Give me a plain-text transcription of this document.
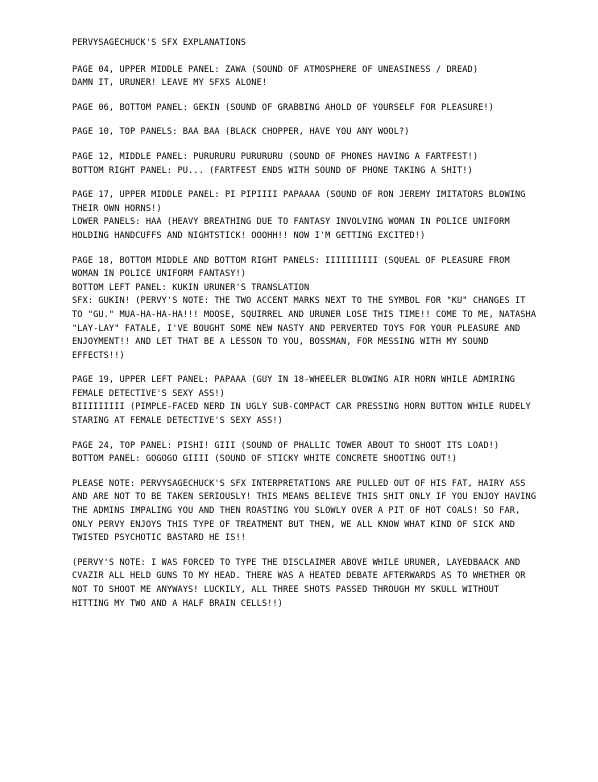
PERVYSAGECHUCK'S SFX EXPLANATIONS
PAGE 04, UPPER MIDDLE PANEL: ZAWA (SOUND OF ATMOSPHERE OF UNEASINESS / DREAD)
DAMN IT, URUNER! LEAVE MY SFXS ALONE!
PAGE 06, BOTTOM PANEL: GEKIN (SOUND OF GRABBING AHOLD OF YOURSELF FOR PLEASURE!)
PAGE 10, TOP PANELS: BAA BAA (BLACK CHOPPER, HAVE YOU ANY WOOL?)
PAGE 12, MIDDLE PANEL: PURURURU PURURURU (SOUND OF PHONES HAVING A FARTFEST!)
BOTTOM RIGHT PANEL: PU... (FARTFEST ENDS WITH SOUND OF PHONE TAKING A SHIT!)
PAGE 17, UPPER MIDDLE PANEL: PI PIPIIII PAPAAAA (SOUND OF RON JEREMY IMITATORS BLOWING THEIR OWN HORNS!)
LOWER PANELS: HAA (HEAVY BREATHING DUE TO FANTASY INVOLVING WOMAN IN POLICE UNIFORM HOLDING HANDCUFFS AND NIGHTSTICK! OOOHH!! NOW I'M GETTING EXCITED!)
PAGE 18, BOTTOM MIDDLE AND BOTTOM RIGHT PANELS: IIIIIIIIII (SQUEAL OF PLEASURE FROM WOMAN IN POLICE UNIFORM FANTASY!)
BOTTOM LEFT PANEL: KUKIN URUNER'S TRANSLATION
SFX: GUKIN! (PERVY'S NOTE: THE TWO ACCENT MARKS NEXT TO THE SYMBOL FOR "KU" CHANGES IT TO "GU." MUA-HA-HA-HA!!! MOOSE, SQUIRREL AND URUNER LOSE THIS TIME!! COME TO ME, NATASHA "LAY-LAY" FATALE, I'VE BOUGHT SOME NEW NASTY AND PERVERTED TOYS FOR YOUR PLEASURE AND ENJOYMENT!! AND LET THAT BE A LESSON TO YOU, BOSSMAN, FOR MESSING WITH MY SOUND EFFECTS!!)
PAGE 19, UPPER LEFT PANEL: PAPAAA (GUY IN 18-WHEELER BLOWING AIR HORN WHILE ADMIRING FEMALE DETECTIVE'S SEXY ASS!)
BIIIIIIIII (PIMPLE-FACED NERD IN UGLY SUB-COMPACT CAR PRESSING HORN BUTTON WHILE RUDELY STARING AT FEMALE DETECTIVE'S SEXY ASS!)
PAGE 24, TOP PANEL: PISHI! GIII (SOUND OF PHALLIC TOWER ABOUT TO SHOOT ITS LOAD!)
BOTTOM PANEL: GOGOGO GIIII (SOUND OF STICKY WHITE CONCRETE SHOOTING OUT!)
PLEASE NOTE: PERVYSAGECHUCK'S SFX INTERPRETATIONS ARE PULLED OUT OF HIS FAT, HAIRY ASS AND ARE NOT TO BE TAKEN SERIOUSLY! THIS MEANS BELIEVE THIS SHIT ONLY IF YOU ENJOY HAVING THE ADMINS IMPALING YOU AND THEN ROASTING YOU SLOWLY OVER A PIT OF HOT COALS! SO FAR, ONLY PERVY ENJOYS THIS TYPE OF TREATMENT BUT THEN, WE ALL KNOW WHAT KIND OF SICK AND TWISTED PSYCHOTIC BASTARD HE IS!!
(PERVY'S NOTE: I WAS FORCED TO TYPE THE DISCLAIMER ABOVE WHILE URUNER, LAYEDBAACK AND CVAZIR ALL HELD GUNS TO MY HEAD. THERE WAS A HEATED DEBATE AFTERWARDS AS TO WHETHER OR NOT TO SHOOT ME ANYWAYS! LUCKILY, ALL THREE SHOTS PASSED THROUGH MY SKULL WITHOUT HITTING MY TWO AND A HALF BRAIN CELLS!!)
